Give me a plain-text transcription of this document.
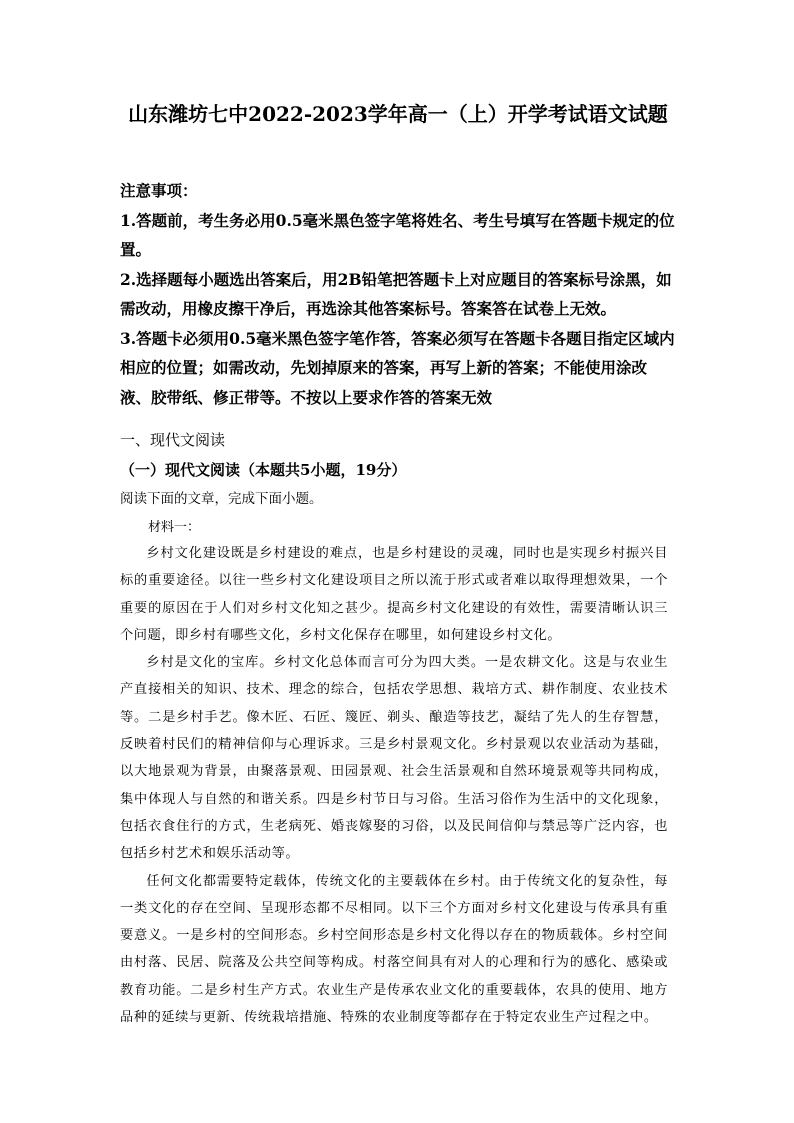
山东潍坊七中2022-2023学年高一（上）开学考试语文试题
注意事项：
1.答题前，考生务必用0.5毫米黑色签字笔将姓名、考生号填写在答题卡规定的位置。
2.选择题每小题选出答案后，用2B铅笔把答题卡上对应题目的答案标号涂黑，如需改动，用橡皮擦干净后，再选涂其他答案标号。答案答在试卷上无效。
3.答题卡必须用0.5毫米黑色签字笔作答，答案必须写在答题卡各题目指定区域内相应的位置；如需改动，先划掉原来的答案，再写上新的答案；不能使用涂改液、胶带纸、修正带等。不按以上要求作答的答案无效
一、现代文阅读
（一）现代文阅读（本题共5小题，19分）
阅读下面的文章，完成下面小题。
材料一：

乡村文化建设既是乡村建设的难点，也是乡村建设的灵魂，同时也是实现乡村振兴目标的重要途径。以往一些乡村文化建设项目之所以流于形式或者难以取得理想效果，一个重要的原因在于人们对乡村文化知之甚少。提高乡村文化建设的有效性，需要清晰认识三个问题，即乡村有哪些文化，乡村文化保存在哪里，如何建设乡村文化。

乡村是文化的宝库。乡村文化总体而言可分为四大类。一是农耕文化。这是与农业生产直接相关的知识、技术、理念的综合，包括农学思想、栽培方式、耕作制度、农业技术等。二是乡村手艺。像木匠、石匠、篾匠、剃头、酿造等技艺，凝结了先人的生存智慧，反映着村民们的精神信仰与心理诉求。三是乡村景观文化。乡村景观以农业活动为基础，以大地景观为背景，由聚落景观、田园景观、社会生活景观和自然环境景观等共同构成，集中体现人与自然的和谐关系。四是乡村节日与习俗。生活习俗作为生活中的文化现象，包括衣食住行的方式，生老病死、婚丧嫁娶的习俗，以及民间信仰与禁忌等广泛内容，也包括乡村艺术和娱乐活动等。

任何文化都需要特定载体，传统文化的主要载体在乡村。由于传统文化的复杂性，每一类文化的存在空间、呈现形态都不尽相同。以下三个方面对乡村文化建设与传承具有重要意义。一是乡村的空间形态。乡村空间形态是乡村文化得以存在的物质载体。乡村空间由村落、民居、院落及公共空间等构成。村落空间具有对人的心理和行为的感化、感染或教育功能。二是乡村生产方式。农业生产是传承农业文化的重要载体，农具的使用、地方品种的延续与更新、传统栽培措施、特殊的农业制度等都存在于特定农业生产过程之中。
